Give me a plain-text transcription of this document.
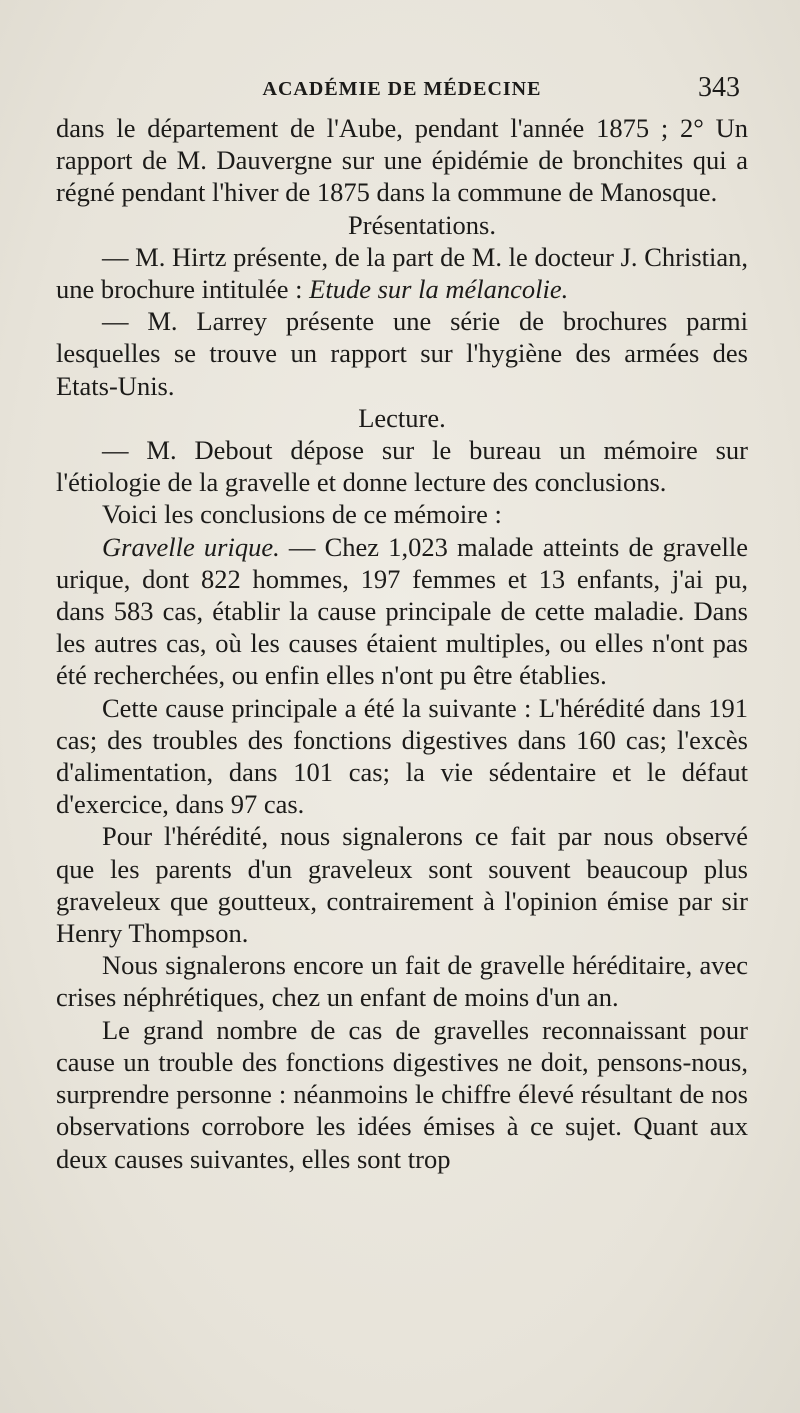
ACADÉMIE DE MÉDECINE	343

dans le département de l'Aube, pendant l'année 1875 ; 2° Un rapport de M. Dauvergne sur une épidémie de bronchites qui a régné pendant l'hiver de 1875 dans la commune de Manosque.

Présentations.

— M. Hirtz présente, de la part de M. le docteur J. Christian, une brochure intitulée : Etude sur la mélancolie.

— M. Larrey présente une série de brochures parmi lesquelles se trouve un rapport sur l'hygiène des armées des Etats-Unis.

Lecture.

— M. Debout dépose sur le bureau un mémoire sur l'étiologie de la gravelle et donne lecture des conclusions.

Voici les conclusions de ce mémoire :

Gravelle urique. — Chez 1,023 malade atteints de gravelle urique, dont 822 hommes, 197 femmes et 13 enfants, j'ai pu, dans 583 cas, établir la cause principale de cette maladie. Dans les autres cas, où les causes étaient multiples, ou elles n'ont pas été recherchées, ou enfin elles n'ont pu être établies.

Cette cause principale a été la suivante : L'hérédité dans 191 cas; des troubles des fonctions digestives dans 160 cas; l'excès d'alimentation, dans 101 cas; la vie sédentaire et le défaut d'exercice, dans 97 cas.

Pour l'hérédité, nous signalerons ce fait par nous observé que les parents d'un graveleux sont souvent beaucoup plus graveleux que goutteux, contrairement à l'opinion émise par sir Henry Thompson.

Nous signalerons encore un fait de gravelle héréditaire, avec crises néphrétiques, chez un enfant de moins d'un an.

Le grand nombre de cas de gravelles reconnaissant pour cause un trouble des fonctions digestives ne doit, pensons-nous, surprendre personne : néanmoins le chiffre élevé résultant de nos observations corrobore les idées émises à ce sujet. Quant aux deux causes suivantes, elles sont trop
